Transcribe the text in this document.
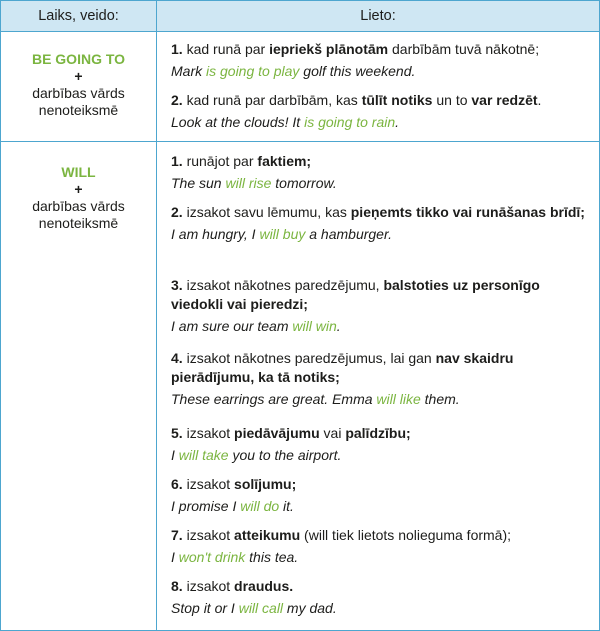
Laiks, veido:	Lieto:
BE GOING TO
+
darbības vārds
nenoteiksmē
1. kad runā par iepriekš plānotām darbībām tuvā nākotnē;
Mark is going to play golf this weekend.
2. kad runā par darbībām, kas tūlīt notiks un to var redzēt.
Look at the clouds! It is going to rain.
WILL
+
darbības vārds
nenoteiksmē
1. runājot par faktiem;
The sun will rise tomorrow.
2. izsakot savu lēmumu, kas pieņemts tikko vai runāšanas brīdī;
I am hungry, I will buy a hamburger.
3. izsakot nākotnes paredzējumu, balstoties uz personīgo viedokli vai pieredzi;
I am sure our team will win.
4. izsakot nākotnes paredzējumus, lai gan nav skaidru pierādījumu, ka tā notiks;
These earrings are great. Emma will like them.
5. izsakot piedāvājumu vai palīdzību;
I will take you to the airport.
6. izsakot solījumu;
I promise I will do it.
7. izsakot atteikumu (will tiek lietots nolieguma formā);
I won't drink this tea.
8. izsakot draudus.
Stop it or I will call my dad.
